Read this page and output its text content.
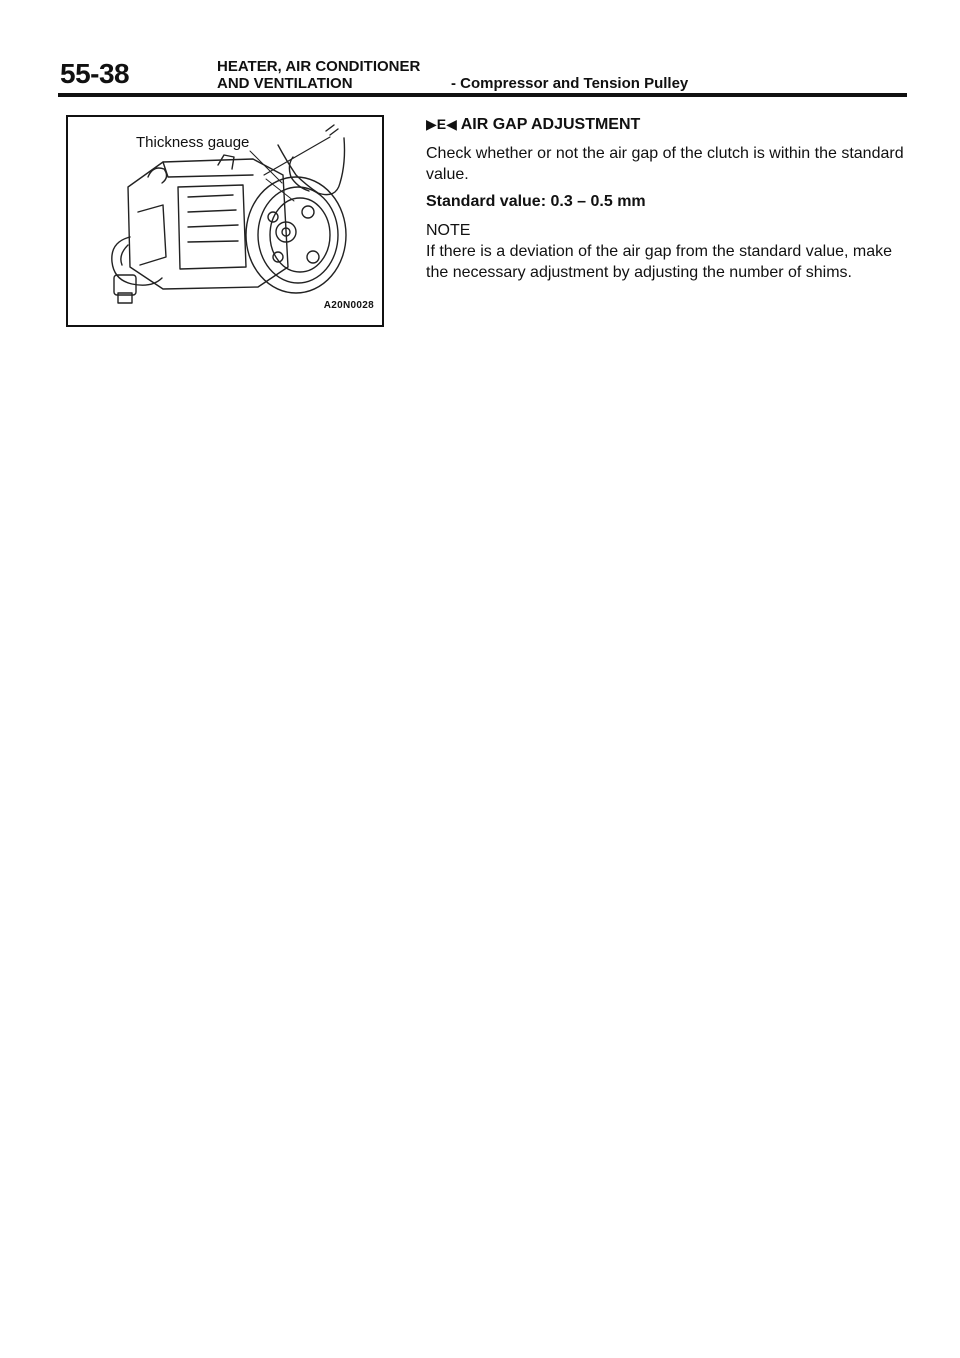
55-38	HEATER, AIR CONDITIONER
AND VENTILATION	- Compressor and Tension Pulley
Thickness gauge
A20N0028
▶E◀ AIR GAP ADJUSTMENT

Check whether or not the air gap of the clutch is within the standard value.

Standard value: 0.3 – 0.5 mm

NOTE

If there is a deviation of the air gap from the standard value, make the necessary adjustment by adjusting the number of shims.
